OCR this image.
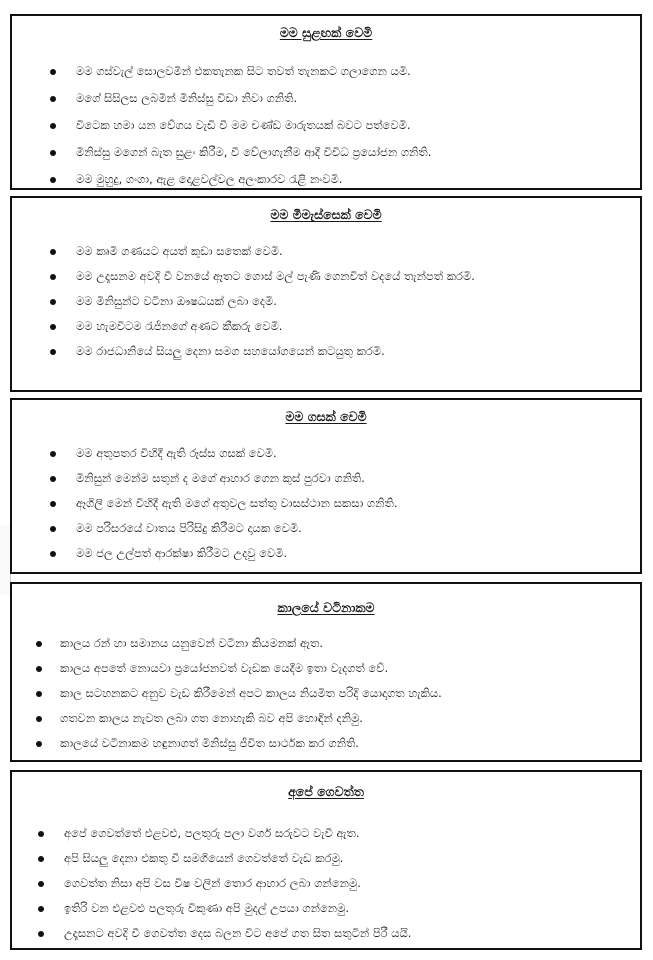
මම සුළඟක් වෙමි
මම ගස්වැල් සොලවමින් එකතැනක සිට තවත් තැනකට ගලාගෙන යමි.
මගේ සිසිලස ලබමින් මිනිස්සු විඩා නිවා ගනිති.
විටෙක හමා යන වේගය වැඩි වී මම චණ්ඩ මාරුතයක් බවට පත්වෙමි.
මිනිස්සු මගෙන් බැත සුළං කිරීම, වී වේලාගැනීම ආදී විවිධ ප්‍රයෝජන ගනිති.
මම මුහුදු, ගංගා, ඇළ දොළවල්වල අලංකාරව රැළි නංවමි.
මම මීමැස්සෙක් වෙමි
මම කෘමි ගණයට අයත් කුඩා සතෙක් වෙමි.
මම උදෑසනම අවදි වී වනයේ ඈතට ගොස් මල් පැණි ගෙනවිත් වදයේ තැන්පත් කරමි.
මම මිනිසුන්ට වටිනා ඖෂධයක් ලබා දෙමි.
මම හැමවිටම රැජිනගේ අණට කීකරු වෙමි.
මම රාජධානියේ සියලු දෙනා සමග සහයෝගයෙන් කටයුතු කරමි.
මම ගසක් වෙමි
මම අතුපතර විහිදී ඇති රූස්ස ගසක් වෙමි.
මිනිසුන් මෙන්ම සතුන් ද මගේ ආහාර ගෙන කුස් පුරවා ගනිති.
ඈගිලි මෙන් විහිදී ඇති මගේ අතුවල සත්තු වාසස්ථාන සකසා ගනිති.
මම පරිසරයේ වාතය පිරිසිදු කිරීමට දායක වෙමි.
මම ජල උල්පත් ආරක්ෂා කිරීමට උදවු වෙමි.
කාලයේ වටිනාකම
කාලය රන් හා සමානය යනුවෙන් වටිනා කියමනක් ඇත.
කාලය අපතේ නොයවා ප්‍රයෝජනවත් වැඩක යෙදීම ඉතා වැදගත් වේ.
කාල සටහනකට අනුව වැඩ කිරීමෙන් අපට කාලය නියමිත පරිදි යොදාගත හැකිය.
ගතවන කාලය නැවත ලබා ගත නොහැකි බව අපි හොඳින් දනිමු.
කාලයේ වටිනාකම හඳුනාගත් මිනිස්සු ජීවිත සාර්ථක කර ගනිති.
අපේ ගෙවත්ත
අපේ ගෙවත්තේ එළවළු, පලතුරු පලා වර්ග සරුවට වැවී ඇත.
අපි සියලු දෙනා එකතු වී සමගියෙන් ගෙවත්තේ වැඩ කරමු.
ගෙවත්ත නිසා අපි වස විෂ වලින් තොර ආහාර ලබා ගන්නෙමු.
ඉතිරි වන එළවළු පලතුරු විකුණා අපි මුදල් උපයා ගන්නෙමු.
උදෑසනට අවදි වී ගෙවත්ත දෙස බලන විට අපේ ගත සිත සතුටින් පිරී යයි.
